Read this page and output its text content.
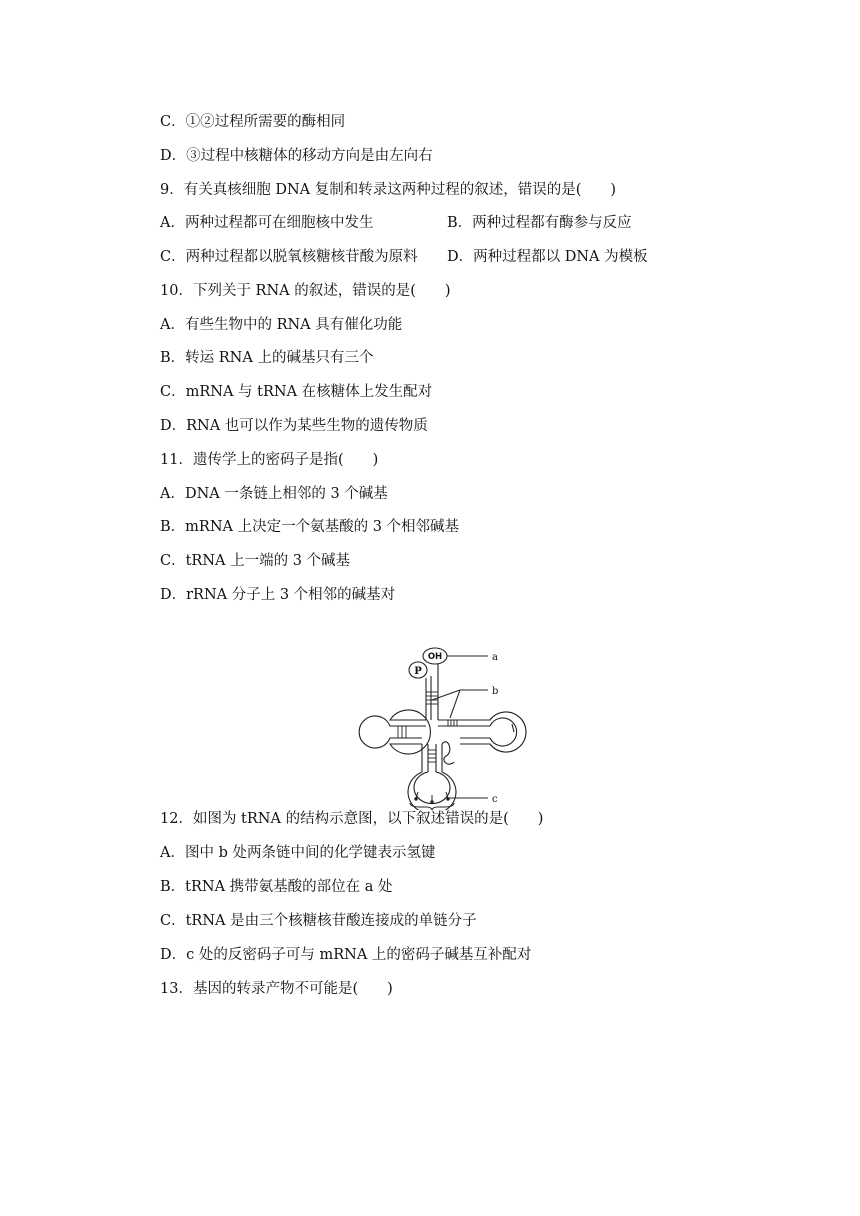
C．①②过程所需要的酶相同

D．③过程中核糖体的移动方向是由左向右

9．有关真核细胞 DNA 复制和转录这两种过程的叙述，错误的是(　　)

A．两种过程都可在细胞核中发生	B．两种过程都有酶参与反应

C．两种过程都以脱氧核糖核苷酸为原料 D．两种过程都以 DNA 为模板

10．下列关于 RNA 的叙述，错误的是(　　)

A．有些生物中的 RNA 具有催化功能

B．转运 RNA 上的碱基只有三个

C．mRNA 与 tRNA 在核糖体上发生配对

D．RNA 也可以作为某些生物的遗传物质

11．遗传学上的密码子是指(　　)

A．DNA 一条链上相邻的 3 个碱基

B．mRNA 上决定一个氨基酸的 3 个相邻碱基

C．tRNA 上一端的 3 个碱基

D．rRNA 分子上 3 个相邻的碱基对

OH
P
a
b
c

12．如图为 tRNA 的结构示意图，以下叙述错误的是(　　)

A．图中 b 处两条链中间的化学键表示氢键

B．tRNA 携带氨基酸的部位在 a 处

C．tRNA 是由三个核糖核苷酸连接成的单链分子

D．c 处的反密码子可与 mRNA 上的密码子碱基互补配对

13．基因的转录产物不可能是(　　)
